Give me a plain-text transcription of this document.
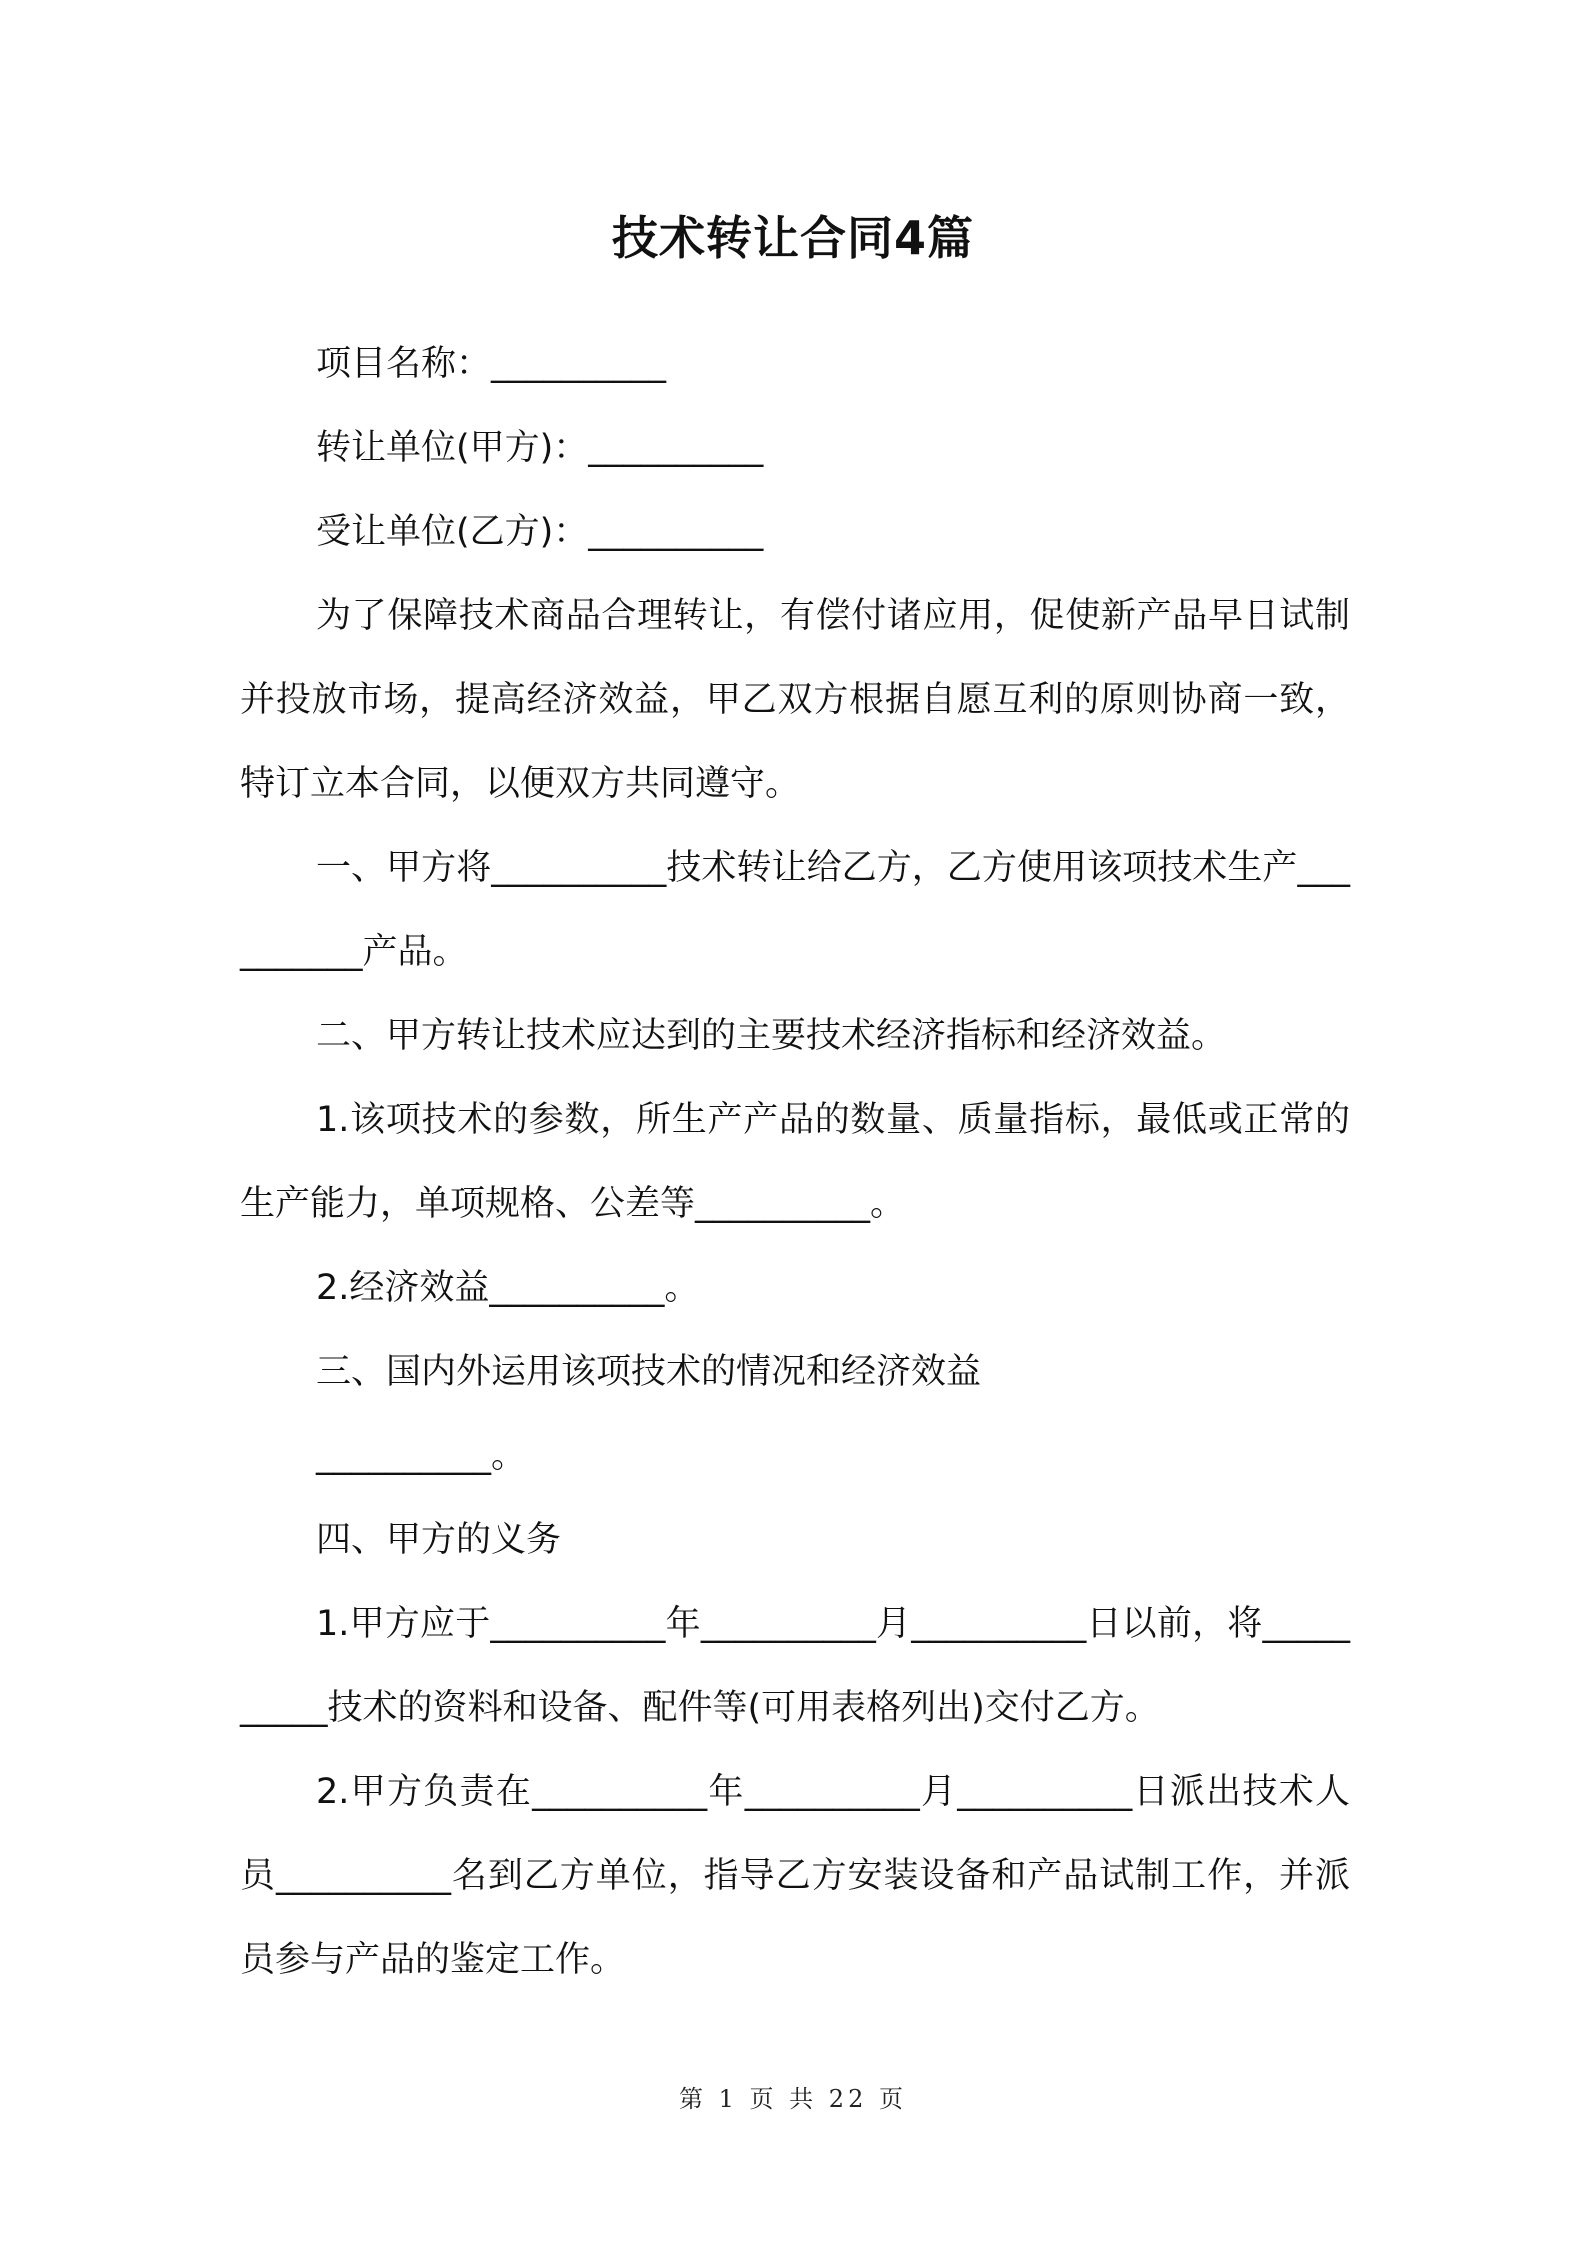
技术转让合同4篇

项目名称：__________

转让单位(甲方)：__________

受让单位(乙方)：__________

为了保障技术商品合理转让，有偿付诸应用，促使新产品早日试制并投放市场，提高经济效益，甲乙双方根据自愿互利的原则协商一致，特订立本合同，以便双方共同遵守。

一、甲方将__________技术转让给乙方，乙方使用该项技术生产__________产品。

二、甲方转让技术应达到的主要技术经济指标和经济效益。

1.该项技术的参数，所生产产品的数量、质量指标，最低或正常的生产能力，单项规格、公差等__________。

2.经济效益__________。

三、国内外运用该项技术的情况和经济效益

__________。

四、甲方的义务

1.甲方应于__________年__________月__________日以前，将__________技术的资料和设备、配件等(可用表格列出)交付乙方。

2.甲方负责在__________年__________月__________日派出技术人员__________名到乙方单位，指导乙方安装设备和产品试制工作，并派员参与产品的鉴定工作。

第 1 页 共 22 页
